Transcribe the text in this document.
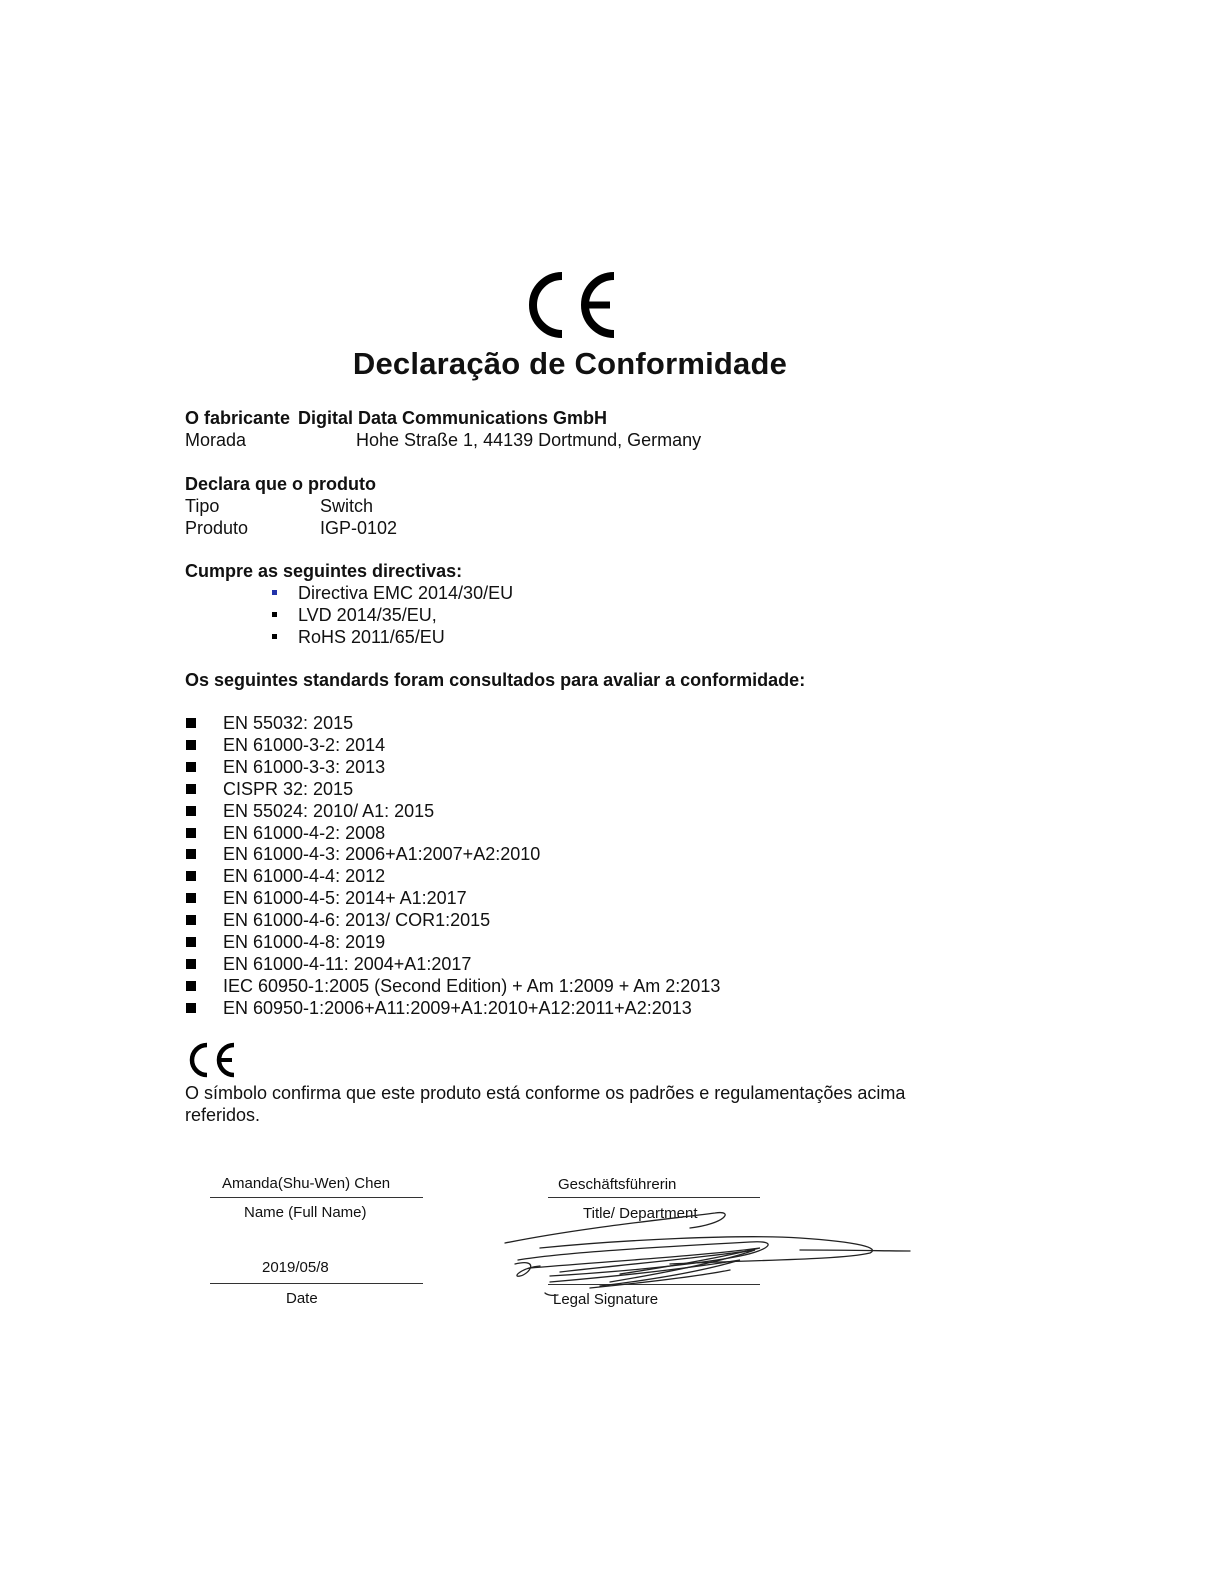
Declaração de Conformidade
O fabricante Digital Data Communications GmbH
Morada	Hohe Straße 1, 44139 Dortmund, Germany
Declara que o produto
Tipo	Switch
Produto	IGP-0102
Cumpre as seguintes directivas:
Directiva EMC 2014/30/EU
LVD 2014/35/EU,
RoHS 2011/65/EU
Os seguintes standards foram consultados para avaliar a conformidade:
EN 55032: 2015
EN 61000-3-2: 2014
EN 61000-3-3: 2013
CISPR 32: 2015
EN 55024: 2010/ A1: 2015
EN 61000-4-2: 2008
EN 61000-4-3: 2006+A1:2007+A2:2010
EN 61000-4-4: 2012
EN 61000-4-5: 2014+ A1:2017
EN 61000-4-6: 2013/ COR1:2015
EN 61000-4-8: 2019
EN 61000-4-11: 2004+A1:2017
IEC 60950-1:2005 (Second Edition) + Am 1:2009 + Am 2:2013
EN 60950-1:2006+A11:2009+A1:2010+A12:2011+A2:2013
O símbolo confirma que este produto está conforme os padrões e regulamentações acima
referidos.
Amanda(Shu-Wen) Chen
Name (Full Name)
2019/05/8
Date
Geschäftsführerin
Title/ Department
Legal Signature
